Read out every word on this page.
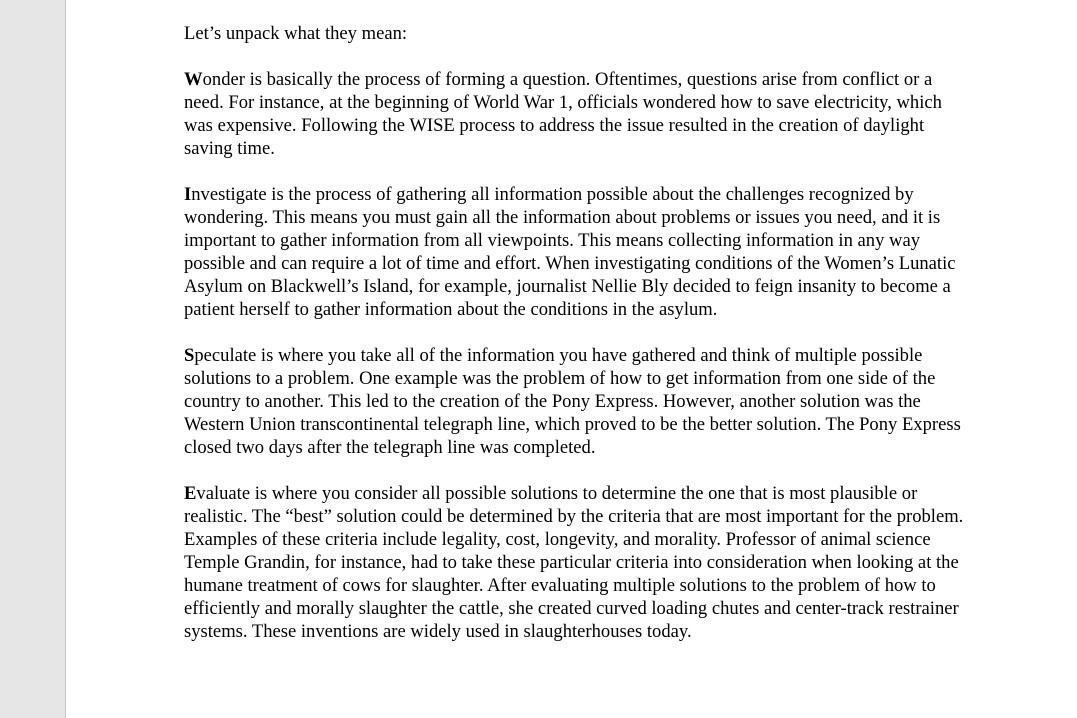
Let’s unpack what they mean:

Wonder is basically the process of forming a question. Oftentimes, questions arise from conflict or a need. For instance, at the beginning of World War 1, officials wondered how to save electricity, which was expensive. Following the WISE process to address the issue resulted in the creation of daylight saving time.

Investigate is the process of gathering all information possible about the challenges recognized by wondering. This means you must gain all the information about problems or issues you need, and it is important to gather information from all viewpoints. This means collecting information in any way possible and can require a lot of time and effort. When investigating conditions of the Women’s Lunatic Asylum on Blackwell’s Island, for example, journalist Nellie Bly decided to feign insanity to become a patient herself to gather information about the conditions in the asylum.

Speculate is where you take all of the information you have gathered and think of multiple possible solutions to a problem. One example was the problem of how to get information from one side of the country to another. This led to the creation of the Pony Express. However, another solution was the Western Union transcontinental telegraph line, which proved to be the better solution. The Pony Express closed two days after the telegraph line was completed.

Evaluate is where you consider all possible solutions to determine the one that is most plausible or realistic. The “best” solution could be determined by the criteria that are most important for the problem. Examples of these criteria include legality, cost, longevity, and morality. Professor of animal science Temple Grandin, for instance, had to take these particular criteria into consideration when looking at the humane treatment of cows for slaughter. After evaluating multiple solutions to the problem of how to efficiently and morally slaughter the cattle, she created curved loading chutes and center-track restrainer systems. These inventions are widely used in slaughterhouses today.
